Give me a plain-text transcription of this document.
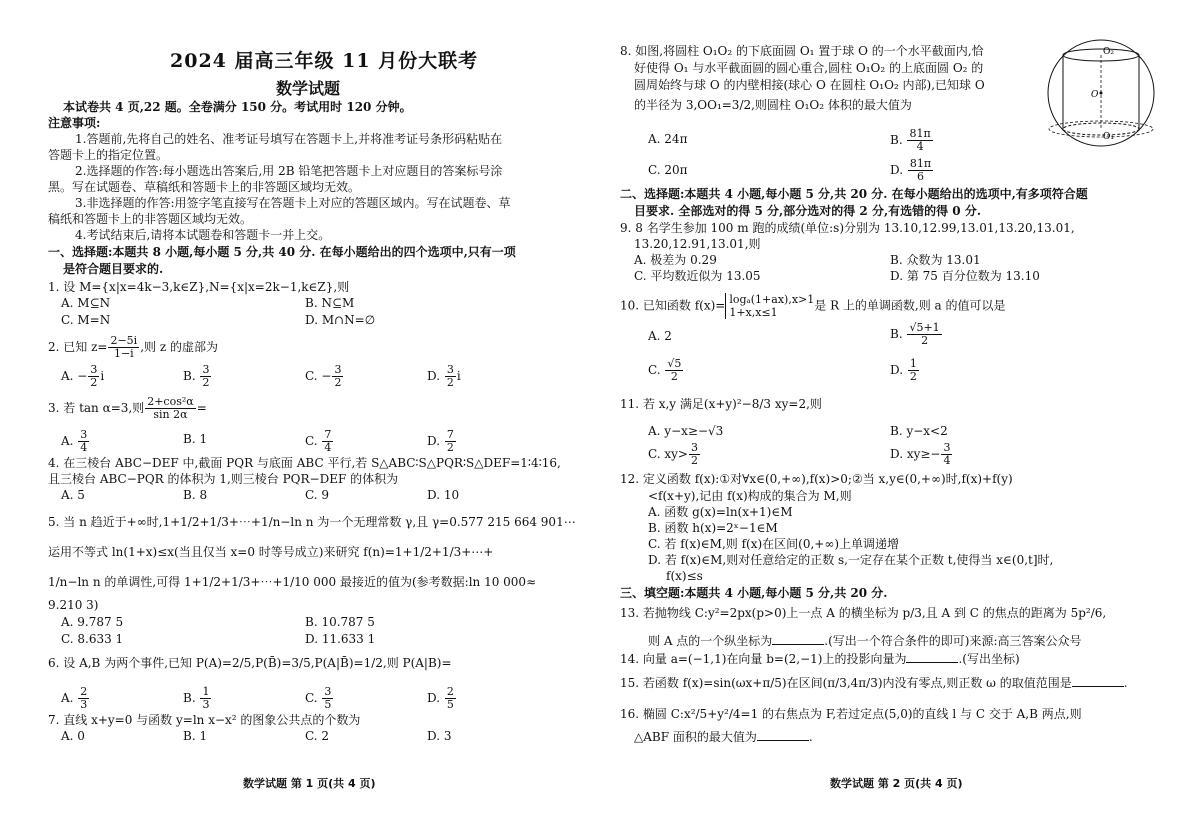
2024 届高三年级 11 月份大联考
数学试题
本试卷共 4 页,22 题。全卷满分 150 分。考试用时 120 分钟。
注意事项:
1.答题前,先将自己的姓名、准考证号填写在答题卡上,并将准考证号条形码粘贴在
答题卡上的指定位置。
2.选择题的作答:每小题选出答案后,用 2B 铅笔把答题卡上对应题目的答案标号涂
黑。写在试题卷、草稿纸和答题卡上的非答题区域均无效。
3.非选择题的作答:用签字笔直接写在答题卡上对应的答题区域内。写在试题卷、草
稿纸和答题卡上的非答题区域均无效。
4.考试结束后,请将本试题卷和答题卡一并上交。
一、选择题:本题共 8 小题,每小题 5 分,共 40 分. 在每小题给出的四个选项中,只有一项
是符合题目要求的.
1. 设 M={x|x=4k−3,k∈Z},N={x|x=2k−1,k∈Z},则
A. M⊆N	B. N⊆M
C. M=N	D. M∩N=∅
2. 已知 $z= \frac{2-5i}{1-i}$ ,则 z 的虚部为
A. − $\frac{3}{2}$ i	B. $\frac{3}{2}$	C. − $\frac{3}{2}$	D. $\frac{3}{2}$ i
3. 若 tan α=3,则 $\frac{\text{2+cos²α}}{\sin 2\alpha}$ =
A. $\frac{3}{4}$	B. 1	C. $\frac{7}{4}$	D. $\frac{7}{2}$
4. 在三棱台 ABC−DEF 中,截面 PQR 与底面 ABC 平行,若 S△ABC∶S△PQR∶S△DEF=1∶4∶16,
且三棱台 ABC−PQR 的体积为 1,则三棱台 PQR−DEF 的体积为
A. 5	B. 8	C. 9	D. 10
5. 当 n 趋近于+∞时,1+1/2+1/3+⋯+1/n−ln n 为一个无理常数 γ,且 γ=0.577 215 664 901⋯
运用不等式 ln(1+x)≤x(当且仅当 x=0 时等号成立)来研究 f(n)=1+1/2+1/3+⋯+
1/n−ln n 的单调性,可得 1+1/2+1/3+⋯+1/10 000 最接近的值为(参考数据:ln 10 000≈
9.210 3)
A. 9.787 5	B. 10.787 5
C. 8.633 1	D. 11.633 1
6. 设 A,B 为两个事件,已知 P(A)=2/5,P(B̄)=3/5,P(A|B̄)=1/2,则 P(A|B)=
A. $\frac{2}{3}$	B. $\frac{1}{3}$	C. $\frac{3}{5}$	D. $\frac{2}{5}$
7. 直线 x+y=0 与函数 y=ln x−x² 的图象公共点的个数为
A. 0	B. 1	C. 2	D. 3
数学试题 第 1 页(共 4 页)
8. 如图,将圆柱 O₁O₂ 的下底面圆 O₁ 置于球 O 的一个水平截面内,恰
好使得 O₁ 与水平截面圆的圆心重合,圆柱 O₁O₂ 的上底面圆 O₂ 的
圆周始终与球 O 的内壁相接(球心 O 在圆柱 O₁O₂ 内部),已知球 O
的半径为 3,OO₁=3/2,则圆柱 O₁O₂ 体积的最大值为
A. 24π	B. $\frac{81\pi}{4}$
C. 20π	D. $\frac{81\pi}{6}$
O₂
O
O₁
二、选择题:本题共 4 小题,每小题 5 分,共 20 分. 在每小题给出的选项中,有多项符合题
目要求. 全部选对的得 5 分,部分选对的得 2 分,有选错的得 0 分.
9. 8 名学生参加 100 m 跑的成绩(单位:s)分别为 13.10,12.99,13.01,13.20,13.01,
13.20,12.91,13.01,则
A. 极差为 0.29	B. 众数为 13.01
C. 平均数近似为 13.05	D. 第 75 百分位数为 13.10
10. 已知函数 f(x)= logₐ(1+ax),x>1
1+x,x≤1	是 R 上的单调函数,则 a 的值可以是
A. 2	B. $\frac{√5+1}{2}$
C. $\frac{√5}{2}$	D. $\frac{1}{2}$
11. 若 x,y 满足(x+y)²−8/3 xy=2,则
A. y−x≥−√3	B. y−x<2
C. $xy> \frac{3}{2}$	D. $xy\ge- \frac{3}{4}$
12. 定义函数 f(x):①对∀x∈(0,+∞),f(x)>0;②当 x,y∈(0,+∞)时,f(x)+f(y)
<f(x+y),记由 f(x)构成的集合为 M,则
A. 函数 g(x)=ln(x+1)∈M
B. 函数 h(x)=2ˣ−1∈M
C. 若 f(x)∈M,则 f(x)在区间(0,+∞)上单调递增
D. 若 f(x)∈M,则对任意给定的正数 s,一定存在某个正数 t,使得当 x∈(0,t]时,
f(x)≤s
三、填空题:本题共 4 小题,每小题 5 分,共 20 分.
13. 若抛物线 C:y²=2px(p>0)上一点 A 的横坐标为 p/3,且 A 到 C 的焦点的距离为 5p²/6,
则 A 点的一个纵坐标为	.(写出一个符合条件的即可)来源:高三答案公众号
14. 向量 a=(−1,1)在向量 b=(2,−1)上的投影向量为	.(写出坐标)
15. 若函数 f(x)=sin(ωx+π/5)在区间(π/3,4π/3)内没有零点,则正数 ω 的取值范围是	.
16. 椭圆 C:x²/5+y²/4=1 的右焦点为 F,若过定点(5,0)的直线 l 与 C 交于 A,B 两点,则
△ABF 面积的最大值为	.
数学试题 第 2 页(共 4 页)
